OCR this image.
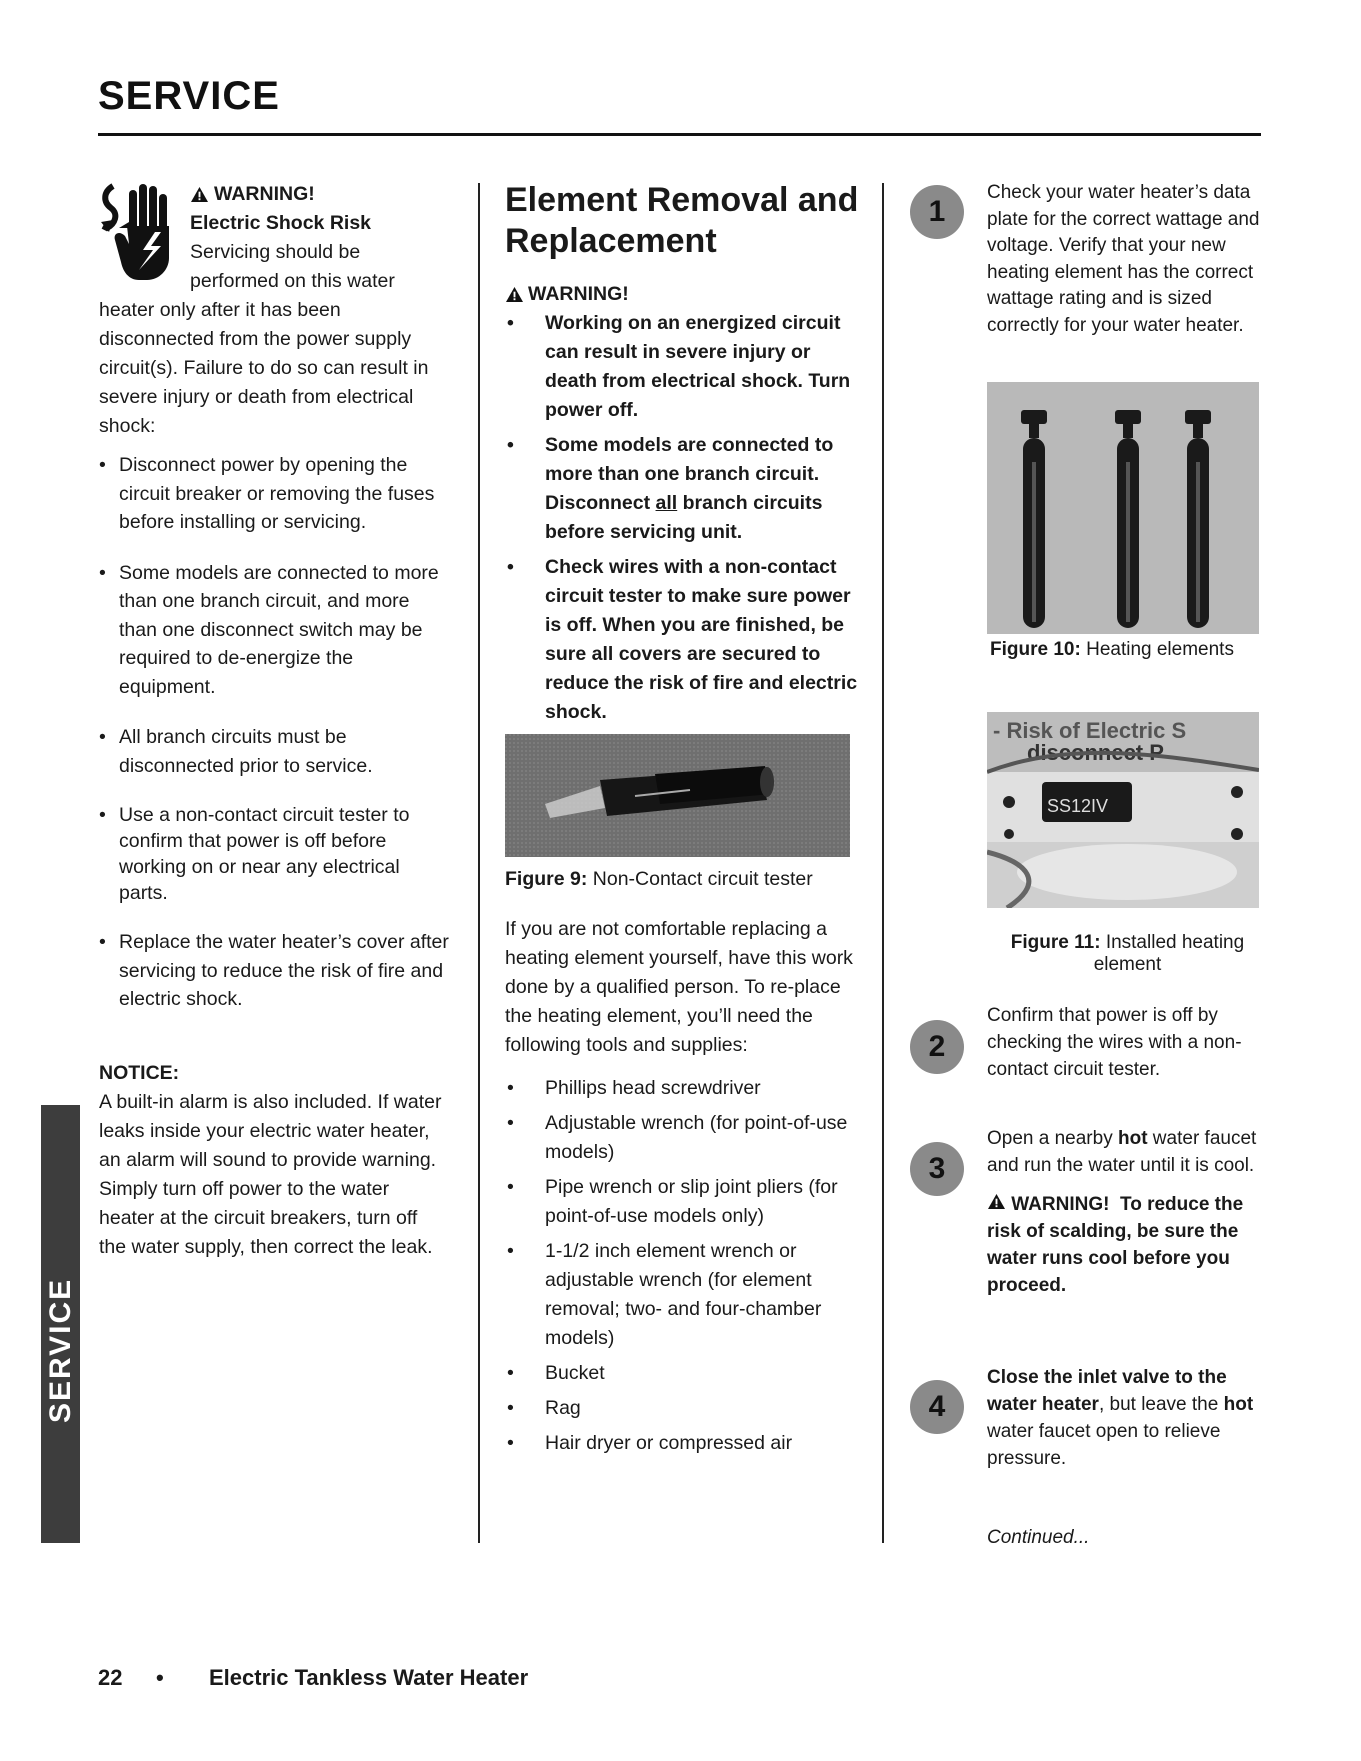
SERVICE
SERVICE
WARNING!
Electric Shock Risk
Servicing should be
performed on this water

heater only after it has been disconnected from the power supply circuit(s). Failure to do so can result in severe injury or death from electrical shock:

• Disconnect power by opening the circuit breaker or removing the fuses before installing or servicing.
• Some models are connected to more than one branch circuit, and more than one disconnect switch may be required to de-energize the equipment.
• All branch circuits must be disconnected prior to service.
• Use a non-contact circuit tester to confirm that power is off before working on or near any electrical parts.
• Replace the water heater’s cover after servicing to reduce the risk of fire and electric shock.
NOTICE:

A built-in alarm is also included. If water leaks inside your electric water heater, an alarm will sound to provide warning. Simply turn off power to the water heater at the circuit breakers, turn off the water supply, then correct the leak.

Element Removal and
Replacement
WARNING!
• Working on an energized circuit can result in severe injury or death from electrical shock. Turn power off.
• Some models are connected to more than one branch circuit. Disconnect all branch circuits before servicing unit.
• Check wires with a non-contact circuit tester to make sure power is off. When you are finished, be sure all covers are secured to reduce the risk of fire and electric shock.
Figure 9: Non-Contact circuit tester

If you are not comfortable replacing a heating element yourself, have this work done by a qualified person. To re-place the heating element, you’ll need the following tools and supplies:

• Phillips head screwdriver
• Adjustable wrench (for point-of-use models)
• Pipe wrench or slip joint pliers (for point-of-use models only)
• 1-1/2 inch element wrench or adjustable wrench (for element removal; two- and four-chamber models)
• Bucket
• Rag
• Hair dryer or compressed air
1

Check your water heater’s data plate for the correct wattage and voltage. Verify that your new heating element has the correct wattage rating and is sized correctly for your water heater.

Figure 10: Heating elements
- Risk of Electric S
disconnect P
SS12IV
Figure 11: Installed heating
element
2

Confirm that power is off by checking the wires with a non-contact circuit tester.

3

Open a nearby hot water faucet and run the water until it is cool.

WARNING! To reduce the risk of scalding, be sure the water runs cool before you proceed.

4

Close the inlet valve to the water heater, but leave the hot water faucet open to relieve pressure.

Continued...
22	•	Electric Tankless Water Heater
